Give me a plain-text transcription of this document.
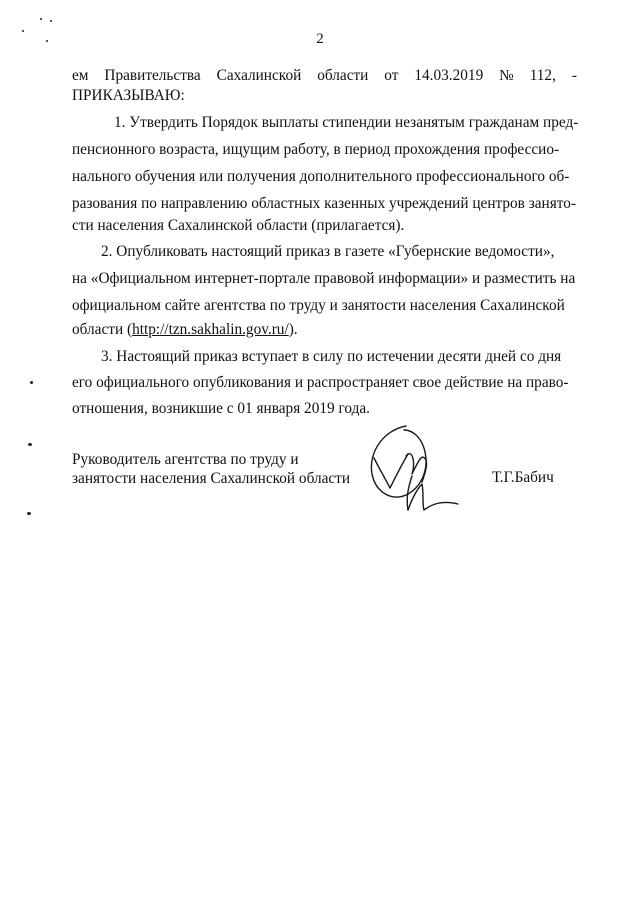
2
ем Правительства Сахалинской области от 14.03.2019 № 112, -
ПРИКАЗЫВАЮ:
1. Утвердить Порядок выплаты стипендии незанятым гражданам пред-
пенсионного возраста, ищущим работу, в период прохождения профессио-
нального обучения или получения дополнительного профессионального об-
разования по направлению областных казенных учреждений центров занято-
сти населения Сахалинской области (прилагается).
2. Опубликовать настоящий приказ в газете «Губернские ведомости»,
на «Официальном интернет-портале правовой информации» и разместить на
официальном сайте агентства по труду и занятости населения Сахалинской
области (http://tzn.sakhalin.gov.ru/).
3. Настоящий приказ вступает в силу по истечении десяти дней со дня
его официального опубликования и распространяет свое действие на право-
отношения, возникшие с 01 января 2019 года.
Руководитель агентства по труду и
занятости населения Сахалинской области	Т.Г.Бабич
